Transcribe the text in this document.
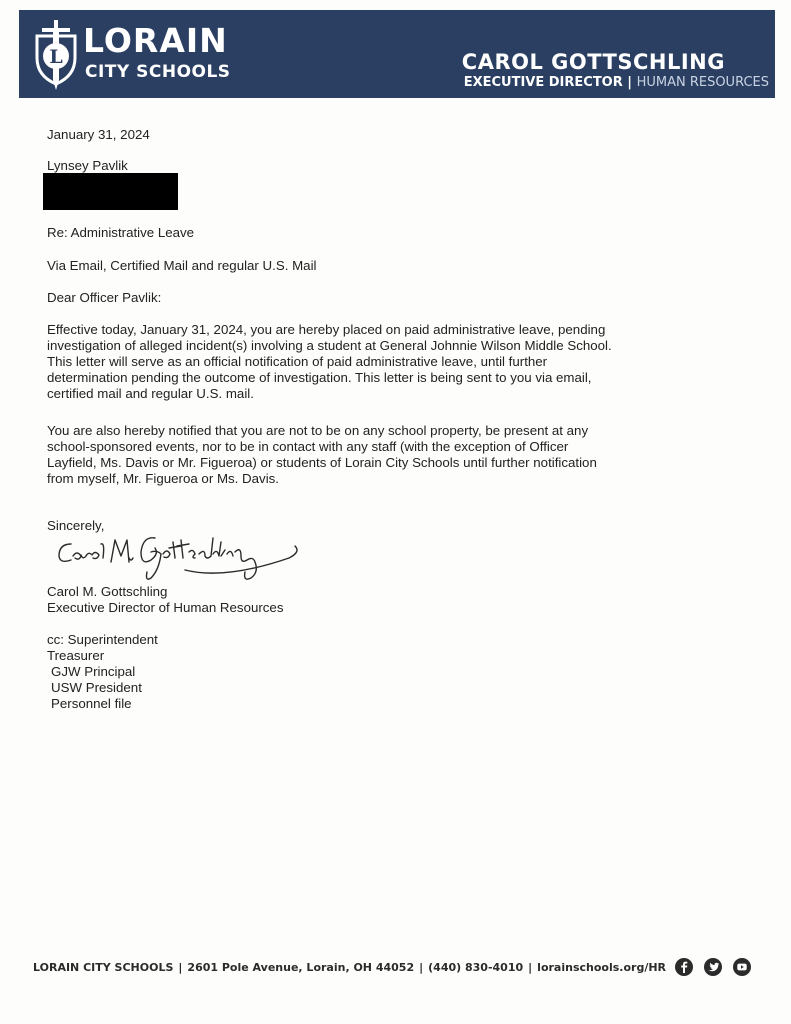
L LORAIN
CITY SCHOOLS	CAROL GOTTSCHLING
EXECUTIVE DIRECTOR | HUMAN RESOURCES
January 31, 2024
Lynsey Pavlik
Re: Administrative Leave
Via Email, Certified Mail and regular U.S. Mail
Dear Officer Pavlik:
Effective today, January 31, 2024, you are hereby placed on paid administrative leave, pending
investigation of alleged incident(s) involving a student at General Johnnie Wilson Middle School.
This letter will serve as an official notification of paid administrative leave, until further
determination pending the outcome of investigation. This letter is being sent to you via email,
certified mail and regular U.S. mail.
You are also hereby notified that you are not to be on any school property, be present at any
school-sponsored events, nor to be in contact with any staff (with the exception of Officer
Layfield, Ms. Davis or Mr. Figueroa) or students of Lorain City Schools until further notification
from myself, Mr. Figueroa or Ms. Davis.
Sincerely,
Carol M. Gottschling
Executive Director of Human Resources
cc: Superintendent
Treasurer
GJW Principal
USW President
Personnel file
LORAIN CITY SCHOOLS | 2601 Pole Avenue, Lorain, OH 44052 | (440) 830-4010 | lorainschools.org/HR
